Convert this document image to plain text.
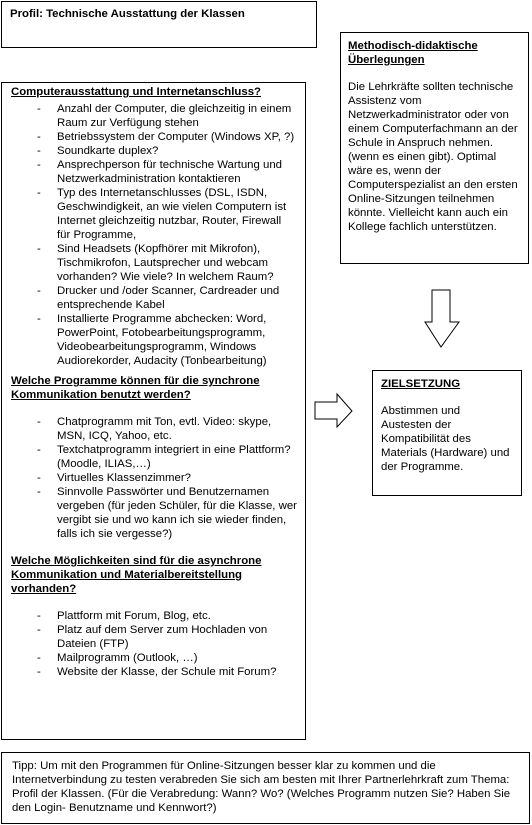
Profil: Technische Ausstattung der Klassen

Computerausstattung und Internetanschluss?

- Anzahl der Computer, die gleichzeitig in einem Raum zur Verfügung stehen
- Betriebssystem der Computer (Windows XP, ?)
- Soundkarte duplex?
- Ansprechperson für technische Wartung und Netzwerkadministration kontaktieren
- Typ des Internetanschlusses (DSL, ISDN, Geschwindigkeit, an wie vielen Computern ist Internet gleichzeitig nutzbar, Router, Firewall für Programme,
- Sind Headsets (Kopfhörer mit Mikrofon), Tischmikrofon, Lautsprecher und webcam vorhanden? Wie viele? In welchem Raum?
- Drucker und /oder Scanner, Cardreader und entsprechende Kabel
- Installierte Programme abchecken: Word, PowerPoint, Fotobearbeitungsprogramm, Videobearbeitungsprogramm, Windows Audiorekorder, Audacity (Tonbearbeitung)

Welche Programme können für die synchrone Kommunikation benutzt werden?

- Chatprogramm mit Ton, evtl. Video: skype, MSN, ICQ, Yahoo, etc.
- Textchatprogramm integriert in eine Plattform? (Moodle, ILIAS,…)
- Virtuelles Klassenzimmer?
- Sinnvolle Passwörter und Benutzernamen vergeben (für jeden Schüler, für die Klasse, wer vergibt sie und wo kann ich sie wieder finden, falls ich sie vergesse?)

Welche Möglichkeiten sind für die asynchrone Kommunikation und Materialbereitstellung vorhanden?

- Plattform mit Forum, Blog, etc.
- Platz auf dem Server zum Hochladen von Dateien (FTP)
- Mailprogramm (Outlook, …)
- Website der Klasse, der Schule mit Forum?

Methodisch-didaktische Überlegungen

Die Lehrkräfte sollten technische Assistenz vom Netzwerkadministrator oder von einem Computerfachmann an der Schule in Anspruch nehmen. (wenn es einen gibt). Optimal wäre es, wenn der Computerspezialist an den ersten Online-Sitzungen teilnehmen könnte. Vielleicht kann auch ein Kollege fachlich unterstützen.

ZIELSETZUNG

Abstimmen und Austesten der Kompatibilität des Materials (Hardware) und der Programme.

Tipp: Um mit den Programmen für Online-Sitzungen besser klar zu kommen und die Internetverbindung zu testen verabreden Sie sich am besten mit Ihrer Partnerlehrkraft zum Thema: Profil der Klassen. (Für die Verabredung: Wann? Wo? (Welches Programm nutzen Sie? Haben Sie den Login- Benutzname und Kennwort?)
